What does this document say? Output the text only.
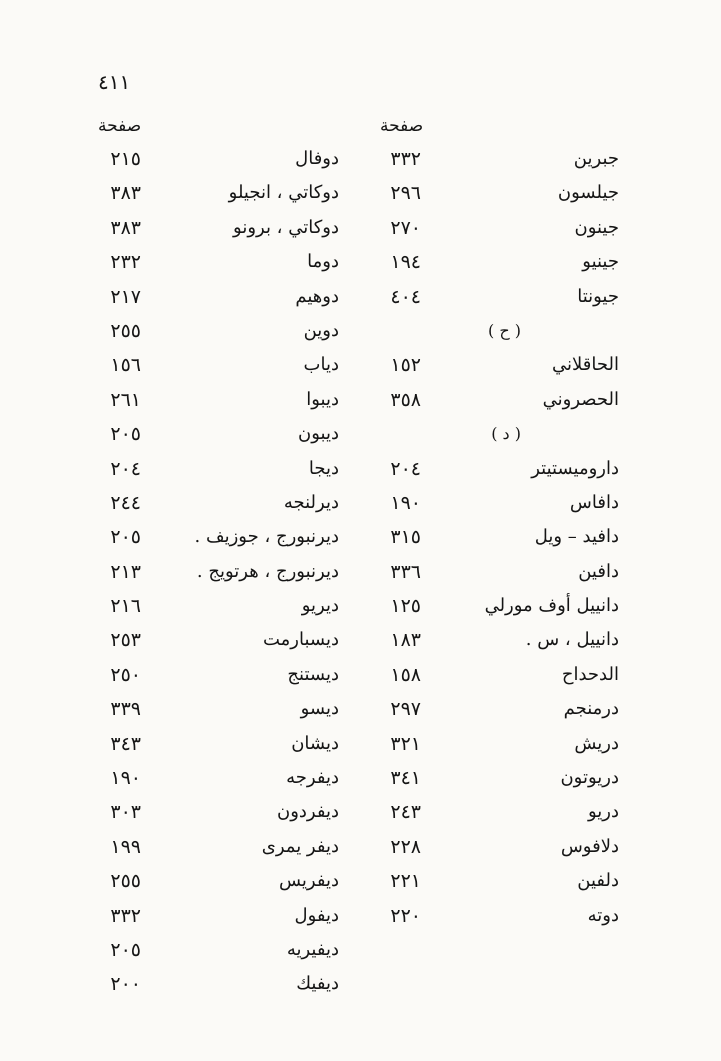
٤١١
صفحة	صفحة
دوفال
٢١٥
دوكاتي ، انجيلو
٣٨٣
دوكاتي ، برونو
٣٨٣
دوما
٢٣٢
دوهيم
٢١٧
دوين
٢٥٥
دياب
١٥٦
ديبوا
٢٦١
ديبون
٢٠٥
ديجا
٢٠٤
ديرلنجه
٢٤٤
ديرنبورج ، جوزيف .
٢٠٥
ديرنبورج ، هرتويج .
٢١٣
ديريو
٢١٦
ديسبارمت
٢٥٣
ديستنج
٢٥٠
ديسو
٣٣٩
ديشان
٣٤٣
ديفرجه
١٩٠
ديفردون
٣٠٣
ديفر يمرى
١٩٩
ديفريس
٢٥٥
ديفول
٣٣٢
ديفيريه
٢٠٥
ديفيك
٢٠٠
جبرين
٣٣٢
جيلسون
٢٩٦
جينون
٢٧٠
جينيو
١٩٤
جيونتا
٤٠٤
( ح )
الحاقلاني
١٥٢
الحصروني
٣٥٨
( د )
داروميستيتر
٢٠٤
دافاس
١٩٠
دافيد – ويل
٣١٥
دافين
٣٣٦
دانييل أوف مورلي
١٢٥
دانييل ، س .
١٨٣
الدحداح
١٥٨
درمنجم
٢٩٧
دريش
٣٢١
دريوتون
٣٤١
دريو
٢٤٣
دلافوس
٢٢٨
دلفين
٢٢١
دوته
٢٢٠
